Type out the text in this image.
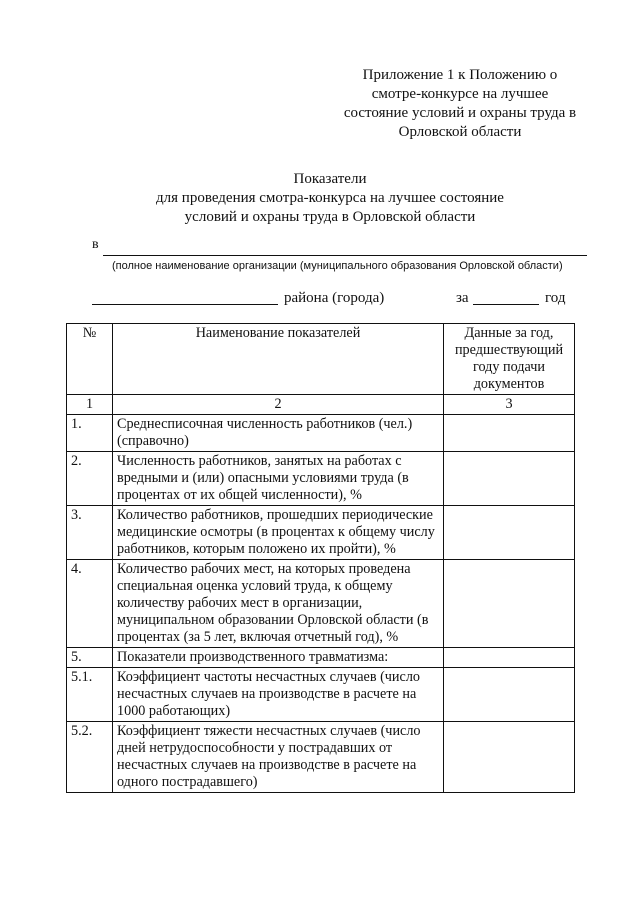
Приложение 1 к Положению о
смотре-конкурсе на лучшее
состояние условий и охраны труда в
Орловской области
Показатели
для проведения смотра-конкурса на лучшее состояние
условий и охраны труда в Орловской области
в
(полное наименование организации (муниципального образования Орловской области)
района (города)	за	год
№	Наименование показателей	Данные за год, предшествующий году подачи документов
1	2	3
1.	Среднесписочная численность работников (чел.) (справочно)	
2.	Численность работников, занятых на работах с вредными и (или) опасными условиями труда (в процентах от их общей численности), %	
3.	Количество работников, прошедших периодические медицинские осмотры (в процентах к общему числу работников, которым положено их пройти), %	
4.	Количество рабочих мест, на которых проведена специальная оценка условий труда, к общему количеству рабочих мест в организации, муниципальном образовании Орловской области (в процентах (за 5 лет, включая отчетный год), %	
5.	Показатели производственного травматизма:	
5.1.	Коэффициент частоты несчастных случаев (число несчастных случаев на производстве в расчете на 1000 работающих)	
5.2.	Коэффициент тяжести несчастных случаев (число дней нетрудоспособности у пострадавших от несчастных случаев на производстве в расчете на одного пострадавшего)	
